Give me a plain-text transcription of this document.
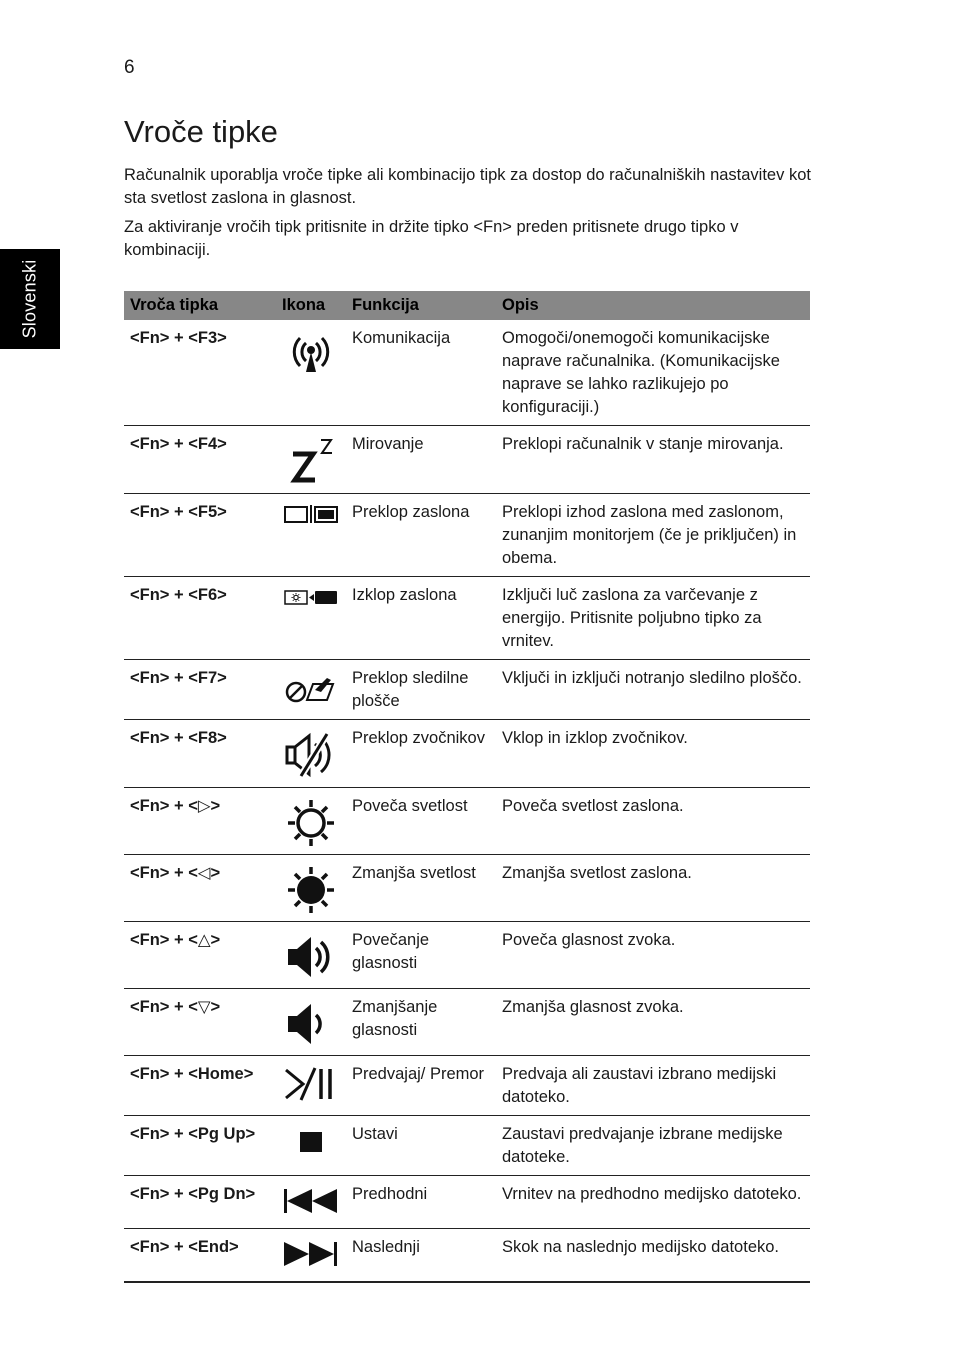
6
Slovenski
Vroče tipke

Računalnik uporablja vroče tipke ali kombinacijo tipk za dostop do računalniških nastavitev kot sta svetlost zaslona in glasnost.

Za aktiviranje vročih tipk pritisnite in držite tipko <Fn> preden pritisnete drugo tipko v kombinaciji.

Vroča tipka	Ikona	Funkcija	Opis
<Fn> + <F3>		Komunikacija	Omogoči/onemogoči komunikacijske naprave računalnika. (Komunikacijske naprave se lahko razlikujejo po konfiguraciji.)
<Fn> + <F4>		Mirovanje	Preklopi računalnik v stanje mirovanja.
<Fn> + <F5>		Preklop zaslona	Preklopi izhod zaslona med zaslonom, zunanjim monitorjem (če je priključen) in obema.
<Fn> + <F6>		Izklop zaslona	Izključi luč zaslona za varčevanje z energijo. Pritisnite poljubno tipko za vrnitev.
<Fn> + <F7>		Preklop sledilne plošče	Vključi in izključi notranjo sledilno ploščo.
<Fn> + <F8>		Preklop zvočnikov	Vklop in izklop zvočnikov.
<Fn> + <▷>		Poveča svetlost	Poveča svetlost zaslona.
<Fn> + <◁>		Zmanjša svetlost	Zmanjša svetlost zaslona.
<Fn> + <△>		Povečanje glasnosti	Poveča glasnost zvoka.
<Fn> + <▽>		Zmanjšanje glasnosti	Zmanjša glasnost zvoka.
<Fn> + <Home>		Predvajaj/ Premor	Predvaja ali zaustavi izbrano medijski datoteko.
<Fn> + <Pg Up>		Ustavi	Zaustavi predvajanje izbrane medijske datoteke.
<Fn> + <Pg Dn>		Predhodni	Vrnitev na predhodno medijsko datoteko.
<Fn> + <End>		Naslednji	Skok na naslednjo medijsko datoteko.
